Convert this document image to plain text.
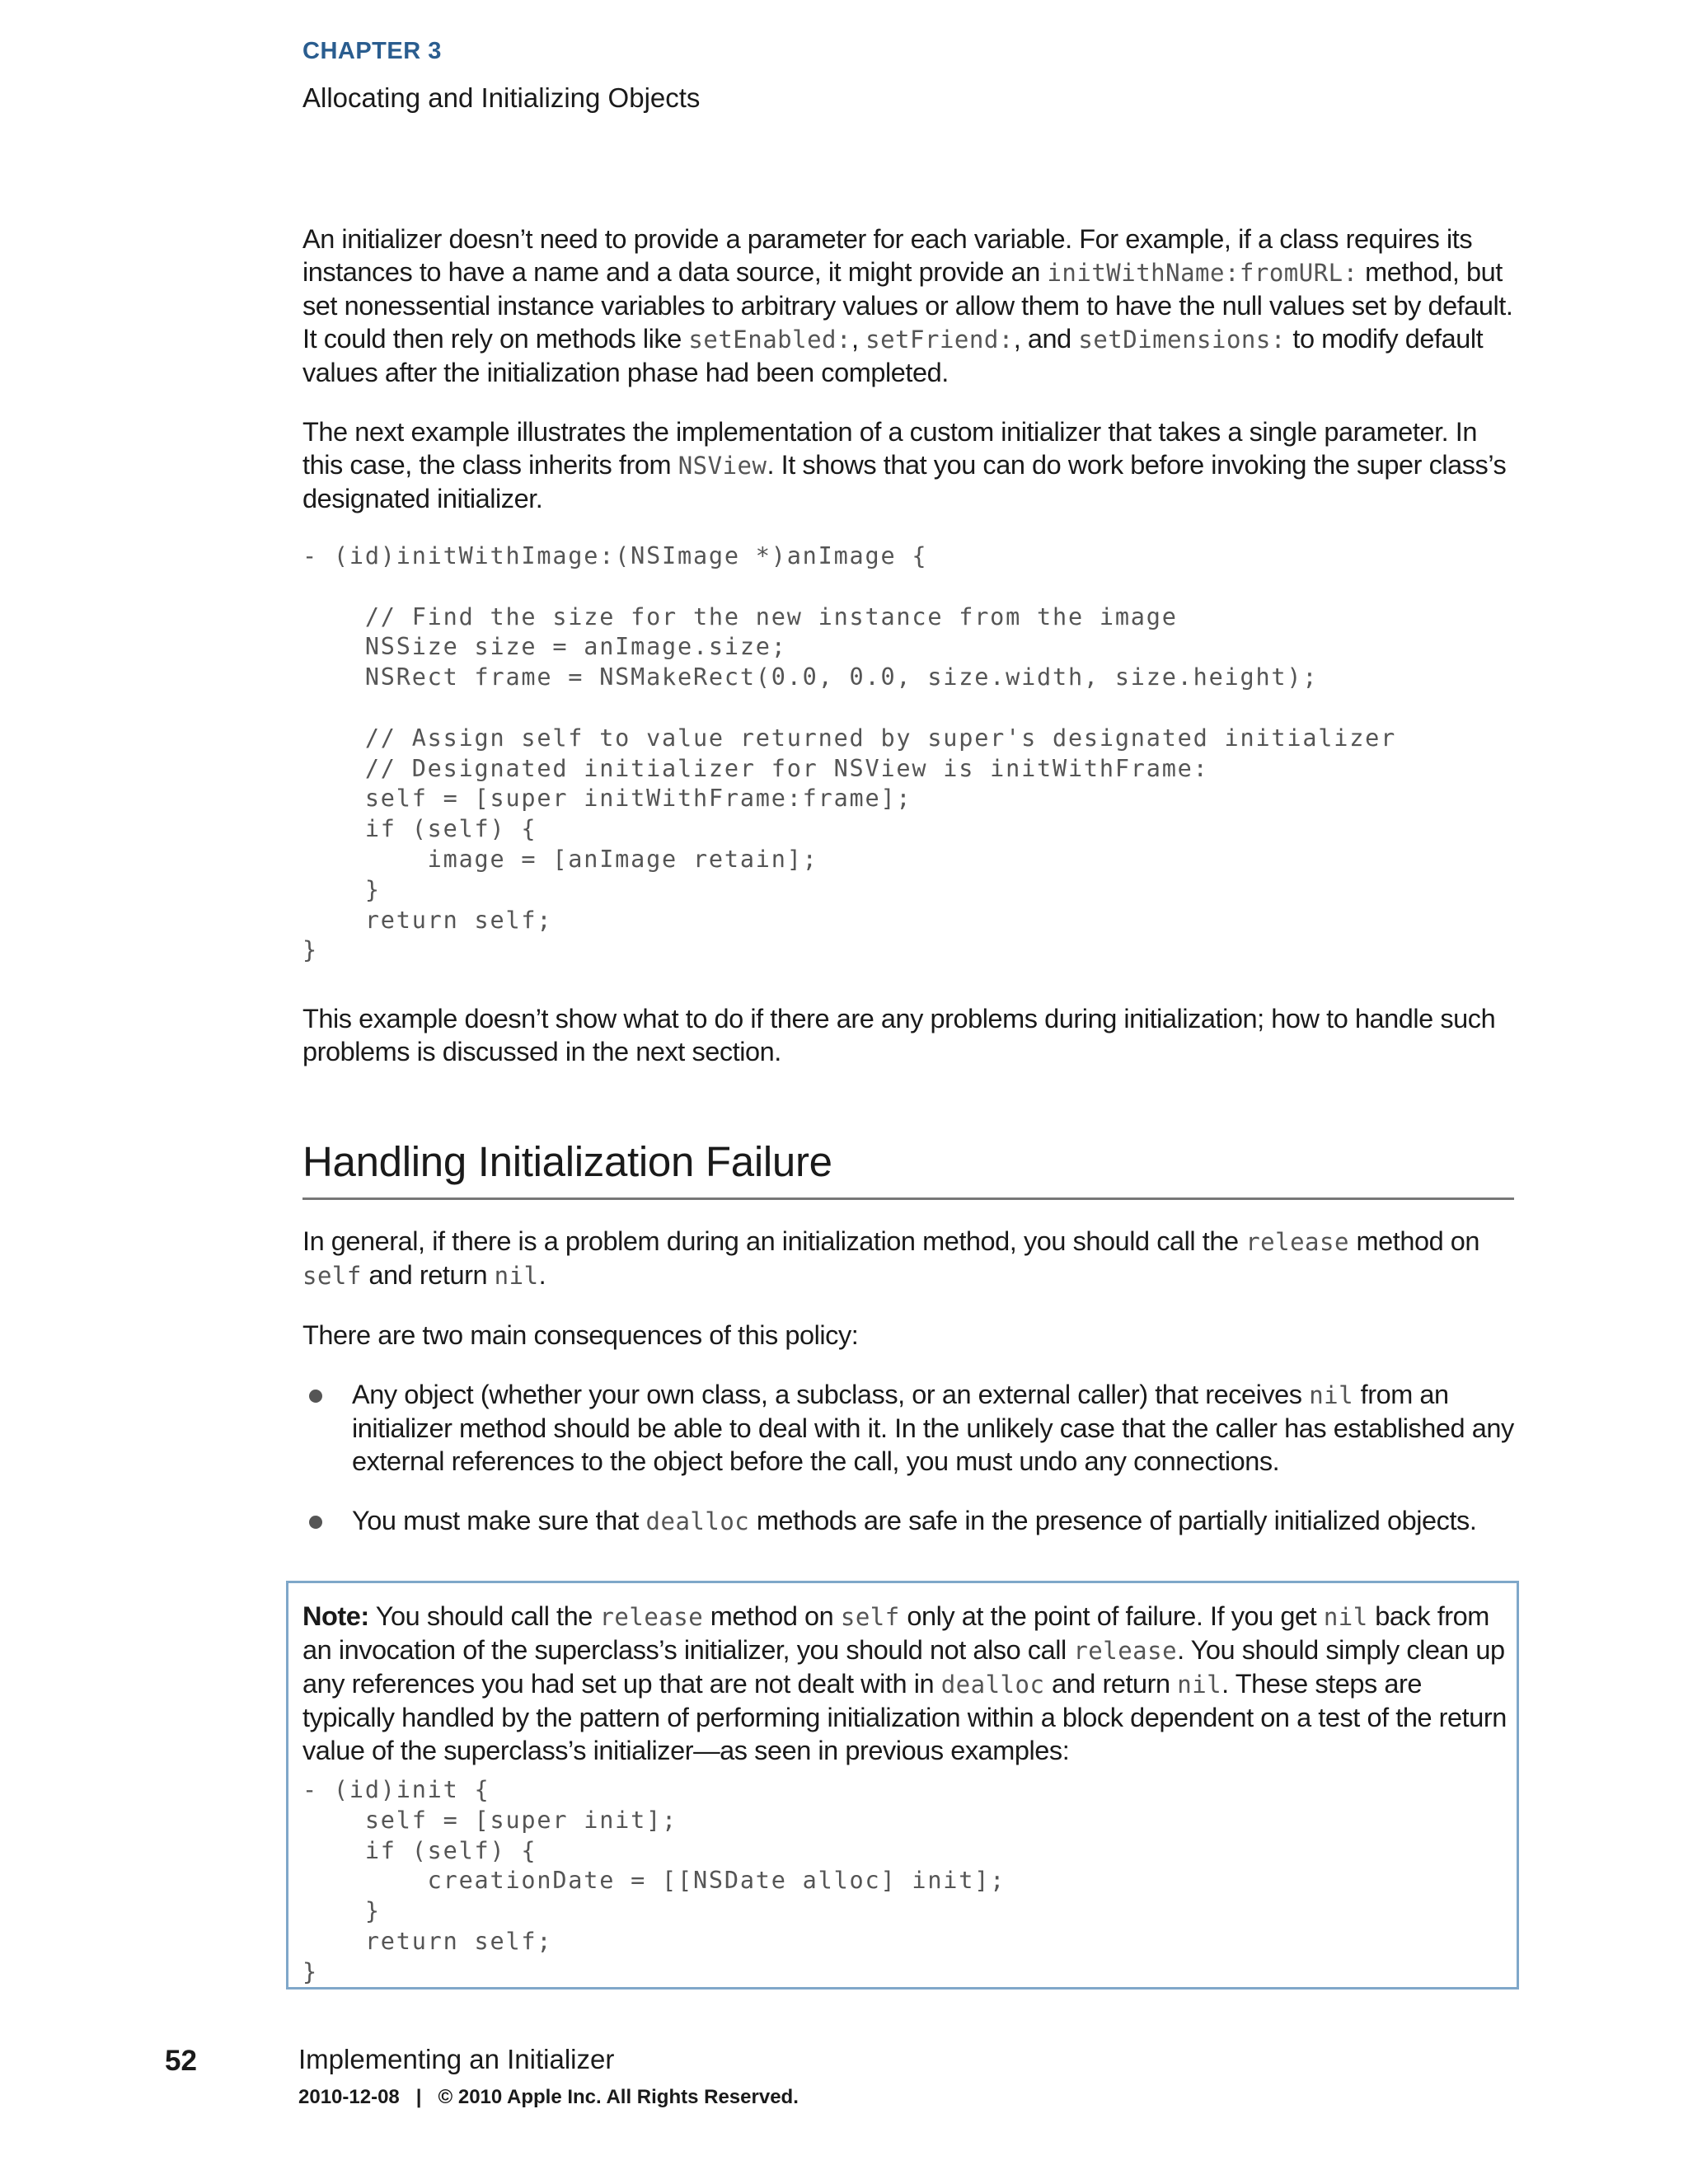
CHAPTER 3
Allocating and Initializing Objects

An initializer doesn’t need to provide a parameter for each variable. For example, if a class requires its instances to have a name and a data source, it might provide an initWithName:fromURL: method, but set nonessential instance variables to arbitrary values or allow them to have the null values set by default. It could then rely on methods like setEnabled:, setFriend:, and setDimensions: to modify default values after the initialization phase had been completed.

The next example illustrates the implementation of a custom initializer that takes a single parameter. In this case, the class inherits from NSView. It shows that you can do work before invoking the super class’s designated initializer.

- (id)initWithImage:(NSImage *)anImage {

// Find the size for the new instance from the image
NSSize size = anImage.size;
NSRect frame = NSMakeRect(0.0, 0.0, size.width, size.height);

// Assign self to value returned by super's designated initializer
// Designated initializer for NSView is initWithFrame:
self = [super initWithFrame:frame];
if (self) {
image = [anImage retain];
}
return self;
}

This example doesn’t show what to do if there are any problems during initialization; how to handle such problems is discussed in the next section.

Handling Initialization Failure

In general, if there is a problem during an initialization method, you should call the release method on self and return nil.

There are two main consequences of this policy:

Any object (whether your own class, a subclass, or an external caller) that receives nil from an initializer method should be able to deal with it. In the unlikely case that the caller has established any external references to the object before the call, you must undo any connections.
You must make sure that dealloc methods are safe in the presence of partially initialized objects.

Note: You should call the release method on self only at the point of failure. If you get nil back from an invocation of the superclass’s initializer, you should not also call release. You should simply clean up any references you had set up that are not dealt with in dealloc and return nil. These steps are typically handled by the pattern of performing initialization within a block dependent on a test of the return value of the superclass’s initializer—as seen in previous examples:

- (id)init {
self = [super init];
if (self) {
creationDate = [[NSDate alloc] init];
}
return self;
}
52	Implementing an Initializer
2010-12-08   |   © 2010 Apple Inc. All Rights Reserved.
